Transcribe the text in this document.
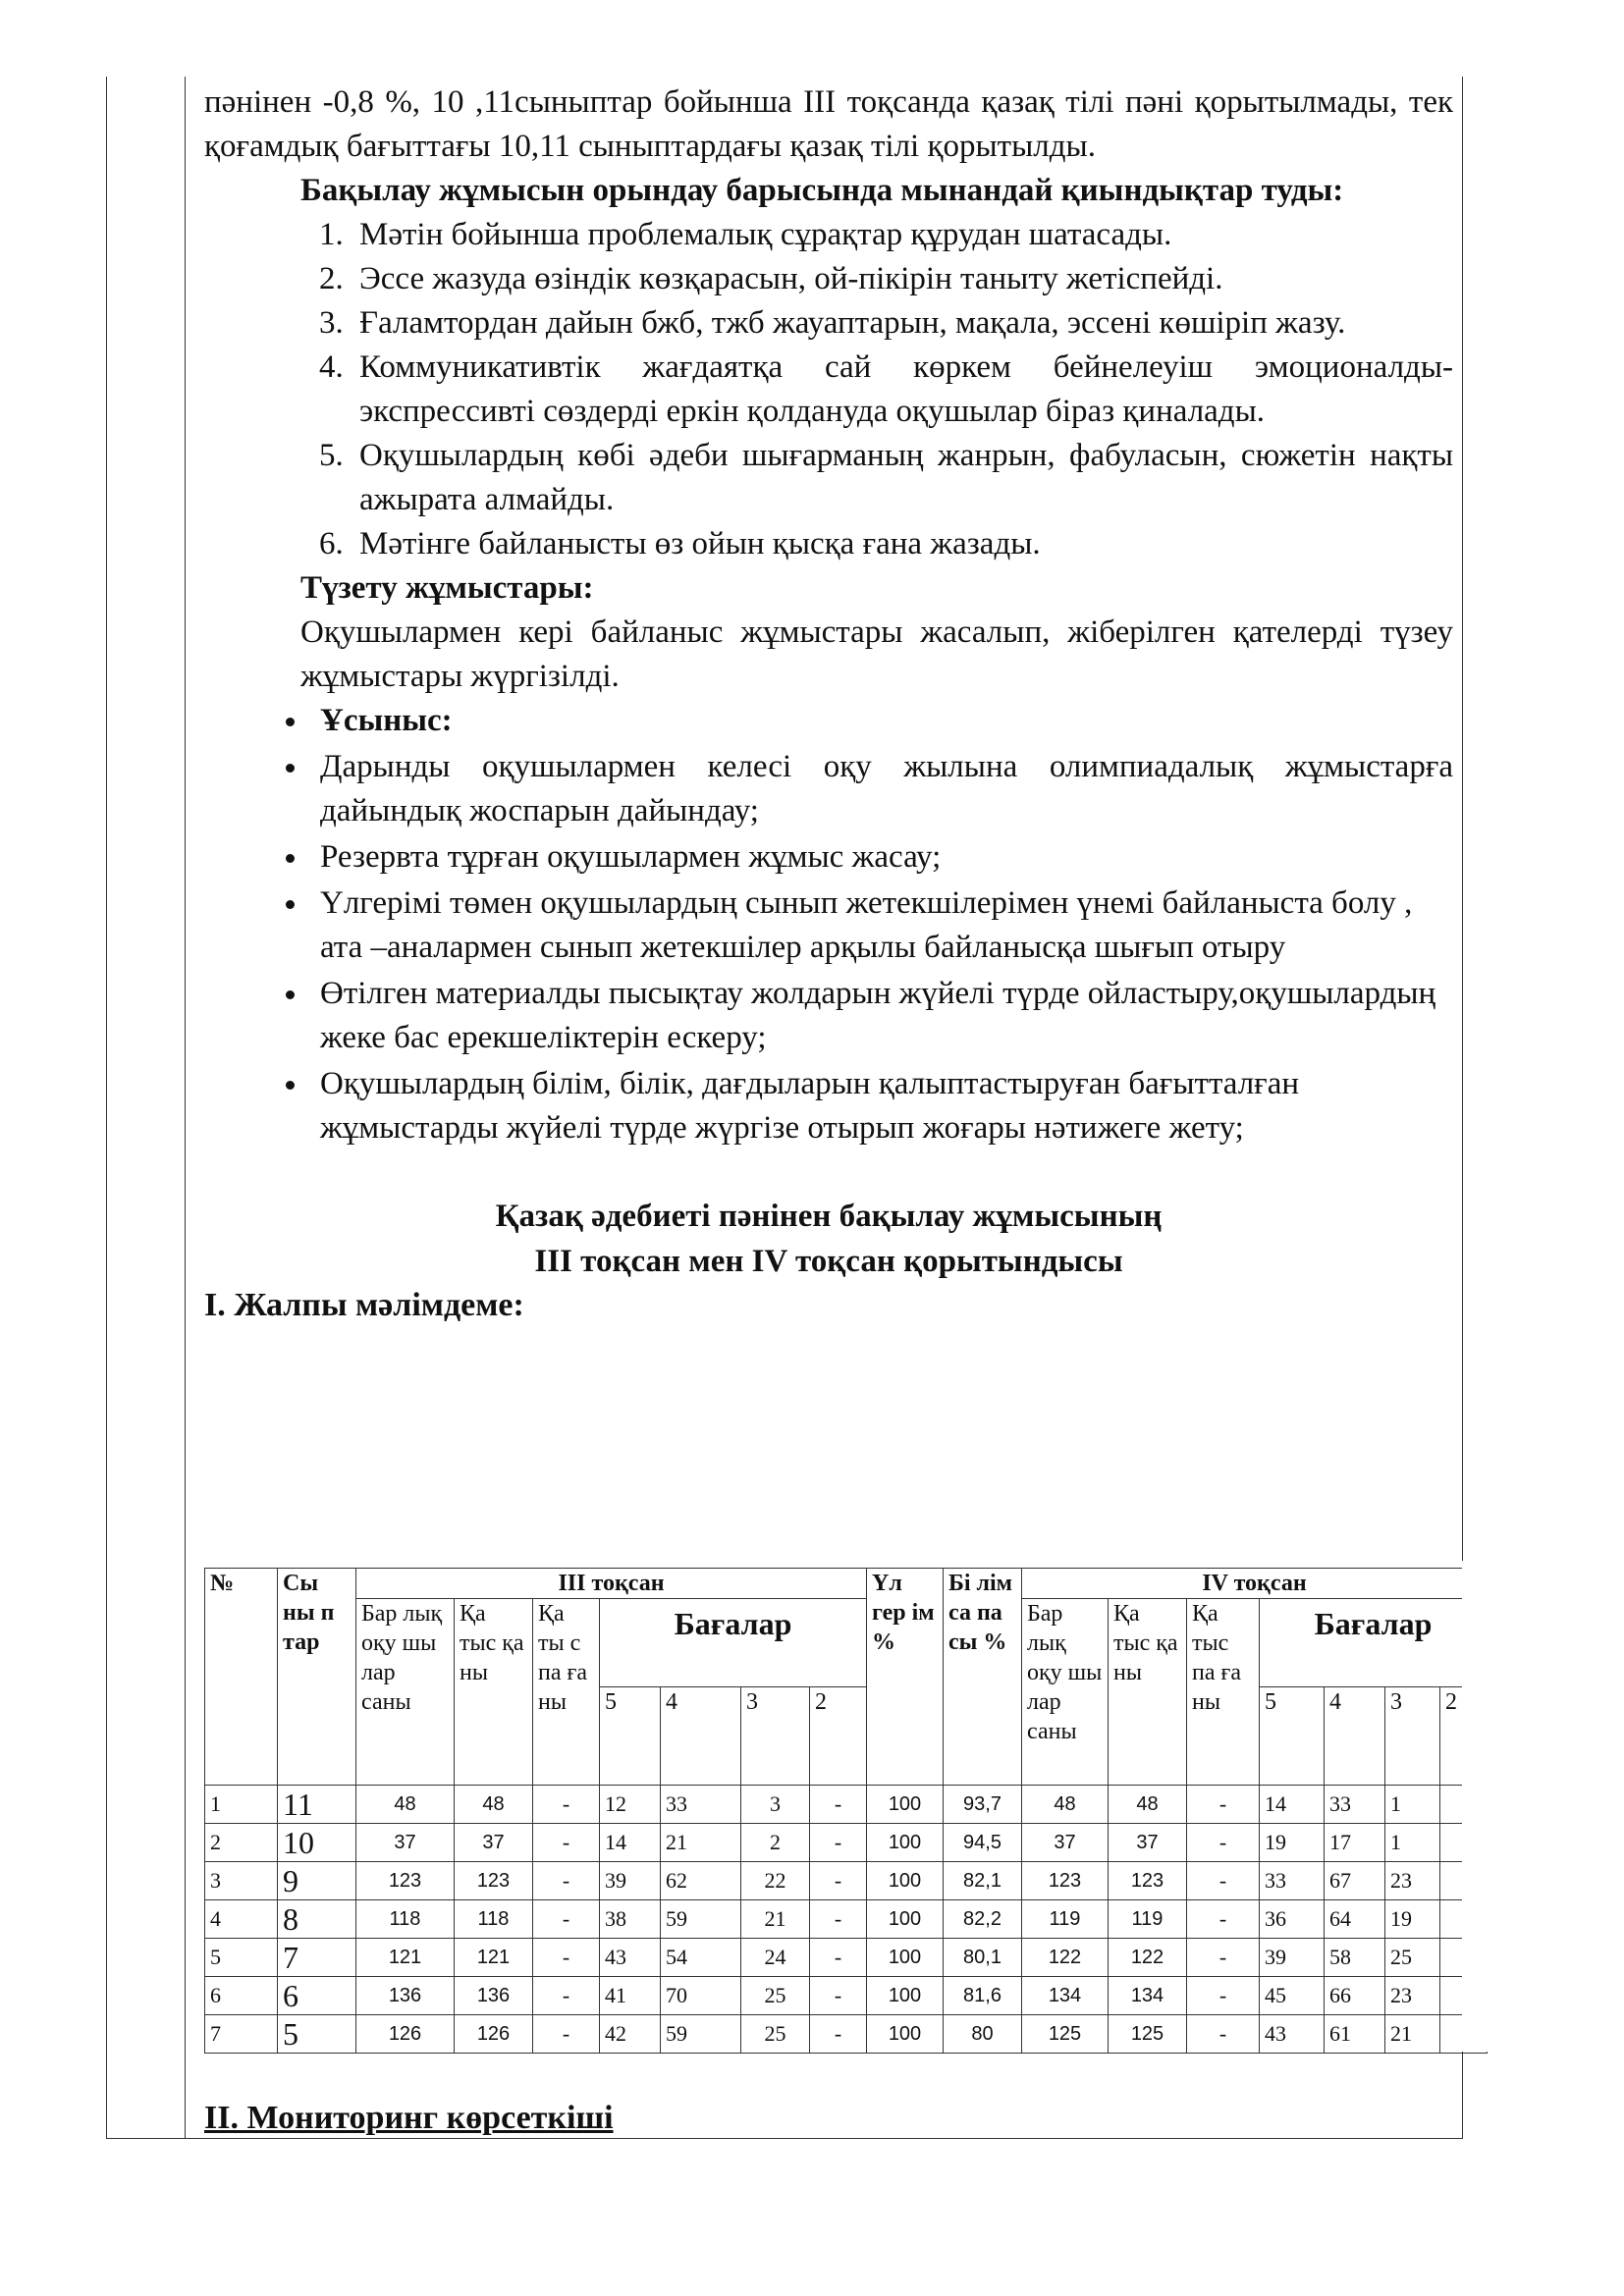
пәнінен -0,8 %, 10 ,11сыныптар бойынша ІІІ тоқсанда қазақ тілі пәні қорытылмады, тек қоғамдық бағыттағы 10,11 сыныптардағы қазақ тілі қорытылды.
Бақылау жұмысын орындау барысында мынандай қиындықтар туды:
1. Мәтін бойынша проблемалық сұрақтар құрудан шатасады.
2. Эссе жазуда өзіндік көзқарасын, ой-пікірін таныту жетіспейді.
3. Ғаламтордан дайын бжб, тжб жауаптарын, мақала, эссені көшіріп жазу.
4. Коммуникативтік жағдаятқа сай көркем бейнелеуіш эмоционалды-экспрессивті сөздерді еркін қолдануда оқушылар біраз қиналады.
5. Оқушылардың көбі әдеби шығарманың жанрын, фабуласын, сюжетін нақты ажырата алмайды.
6. Мәтінге байланысты өз ойын қысқа ғана жазады.
Түзету жұмыстары:
Оқушылармен кері байланыс жұмыстары жасалып, жіберілген қателерді түзеу жұмыстары жүргізілді.
• Ұсыныс:
• Дарынды оқушылармен келесі оқу жылына олимпиадалық жұмыстарға дайындық жоспарын дайындау;
• Резервта тұрған оқушылармен жұмыс жасау;
• Үлгерімі төмен оқушылардың сынып жетекшілерімен үнемі байланыста болу , ата –аналармен сынып жетекшілер арқылы байланысқа шығып отыру
• Өтілген материалды пысықтау жолдарын жүйелі түрде ойластыру,оқушылардың жеке бас ерекшеліктерін ескеру;
• Оқушылардың білім, білік, дағдыларын қалыптастыруған бағытталған жұмыстарды жүйелі түрде жүргізе отырып жоғары нәтижеге жету;
Қазақ әдебиеті пәнінен бақылау жұмысының
ІІІ тоқсан мен ІV тоқсан қорытындысы
І. Жалпы мәлімдеме:
№	Сы ны п тар	ІІІ тоқсан							Үл гер ім %	Бі лім са па сы %	ІV тоқсан						
		Бар лық оқу шы лар саны	Қа тыс қа ны	Қа ты с па ға ны	Бағалар						Бар лық оқу шы лар саны	Қа тыс қа ны	Қа тыс па ға ны	Бағалар			
					5	4	3	2						5	4	3	2
1	11	48	48	-	12	33	3	-	100	93,7	48	48	-	14	33	1	
2	10	37	37	-	14	21	2	-	100	94,5	37	37	-	19	17	1	
3	9	123	123	-	39	62	22	-	100	82,1	123	123	-	33	67	23	
4	8	118	118	-	38	59	21	-	100	82,2	119	119	-	36	64	19	
5	7	121	121	-	43	54	24	-	100	80,1	122	122	-	39	58	25	
6	6	136	136	-	41	70	25	-	100	81,6	134	134	-	45	66	23	
7	5	126	126	-	42	59	25	-	100	80	125	125	-	43	61	21	
ІІ. Мониторинг көрсеткіші
